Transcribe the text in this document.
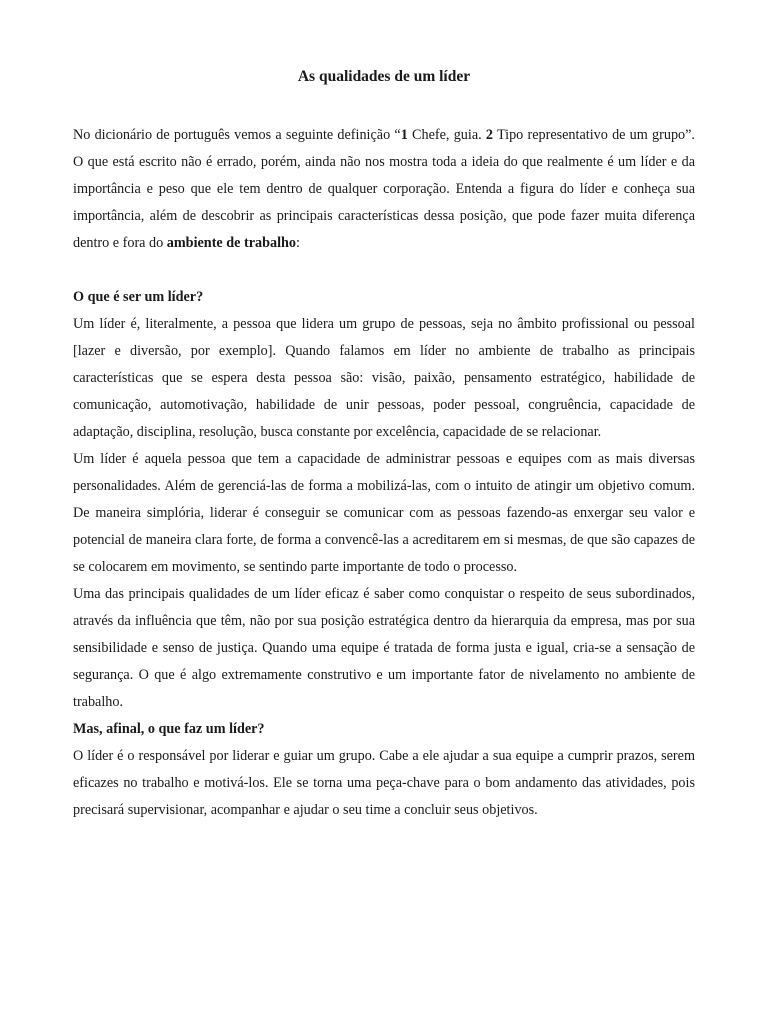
As qualidades de um líder

No dicionário de português vemos a seguinte definição “1 Chefe, guia. 2 Tipo representativo de um grupo”. O que está escrito não é errado, porém, ainda não nos mostra toda a ideia do que realmente é um líder e da importância e peso que ele tem dentro de qualquer corporação. Entenda a figura do líder e conheça sua importância, além de descobrir as principais características dessa posição, que pode fazer muita diferença dentro e fora do ambiente de trabalho:

O que é ser um líder?

Um líder é, literalmente, a pessoa que lidera um grupo de pessoas, seja no âmbito profissional ou pessoal [lazer e diversão, por exemplo]. Quando falamos em líder no ambiente de trabalho as principais características que se espera desta pessoa são: visão, paixão, pensamento estratégico, habilidade de comunicação, automotivação, habilidade de unir pessoas, poder pessoal, congruência, capacidade de adaptação, disciplina, resolução, busca constante por excelência, capacidade de se relacionar.

Um líder é aquela pessoa que tem a capacidade de administrar pessoas e equipes com as mais diversas personalidades. Além de gerenciá-las de forma a mobilizá-las, com o intuito de atingir um objetivo comum. De maneira simplória, liderar é conseguir se comunicar com as pessoas fazendo-as enxergar seu valor e potencial de maneira clara forte, de forma a convencê-las a acreditarem em si mesmas, de que são capazes de se colocarem em movimento, se sentindo parte importante de todo o processo.

Uma das principais qualidades de um líder eficaz é saber como conquistar o respeito de seus subordinados, através da influência que têm, não por sua posição estratégica dentro da hierarquia da empresa, mas por sua sensibilidade e senso de justiça. Quando uma equipe é tratada de forma justa e igual, cria-se a sensação de segurança. O que é algo extremamente construtivo e um importante fator de nivelamento no ambiente de trabalho.

Mas, afinal, o que faz um líder?

O líder é o responsável por liderar e guiar um grupo. Cabe a ele ajudar a sua equipe a cumprir prazos, serem eficazes no trabalho e motivá-los. Ele se torna uma peça-chave para o bom andamento das atividades, pois precisará supervisionar, acompanhar e ajudar o seu time a concluir seus objetivos.
